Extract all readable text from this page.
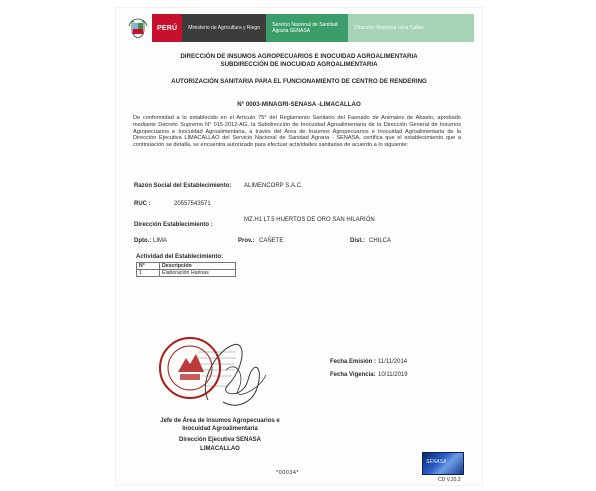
PERÚ	Ministerio de Agricultura y Riego	Servicio Nacional de Sanidad Agraria SENASA	Dirección Regional Lima Callao
DIRECCIÓN DE INSUMOS AGROPECUARIOS E INOCUIDAD AGROALIMENTARIA
SUBDIRECCIÓN DE INOCUIDAD AGROALIMENTARIA
AUTORIZACIÓN SANITARIA PARA EL FUNCIONAMIENTO DE CENTRO DE RENDERING
N° 0003-MINAGRI-SENASA -LIMACALLAO
De conformidad a lo establecido en el Artículo 75° del Reglamento Sanitario del Faenado de Animales de Abasto, aprobado mediante Decreto Supremo N° 015-2012-AG, la Subdirección de Inocuidad Agroalimentaria de la Dirección General de Insumos Agropecuarios e Inocuidad Agroalimentaria, a través del Área de Insumos Agropecuarios e Inocuidad Agroalimentaria de la Dirección Ejecutiva LIMACALLAO del Servicio Nacional de Sanidad Agraria - SENASA, certifica que el establecimiento que a continuación se detalla, se encuentra autorizado para efectuar actividades sanitarias de acuerdo a lo siguiente:
Razón Social del Establecimiento: ALIMENCORP S.A.C.
RUC :	20557543571
Dirección Establecimiento :
MZ.H1 LT.5 HUERTOS DE ORO SAN HILARIÓN
Dpto.: LIMA	Prov.: CAÑETE	Dist.: CHILCA
Actividad del Establecimiento:
N°	Descripción
1	Elaboración Harinas
Fecha Emisión : 11/11/2014
Fecha Vigencia: 10/11/2019
Jefe de Área de Insumos Agropecuarios e
Inocuidad Agroalimentaria
Dirección Ejecutiva SENASA
LIMACALLAO
*00034*
SENASA
CD V.20.2
